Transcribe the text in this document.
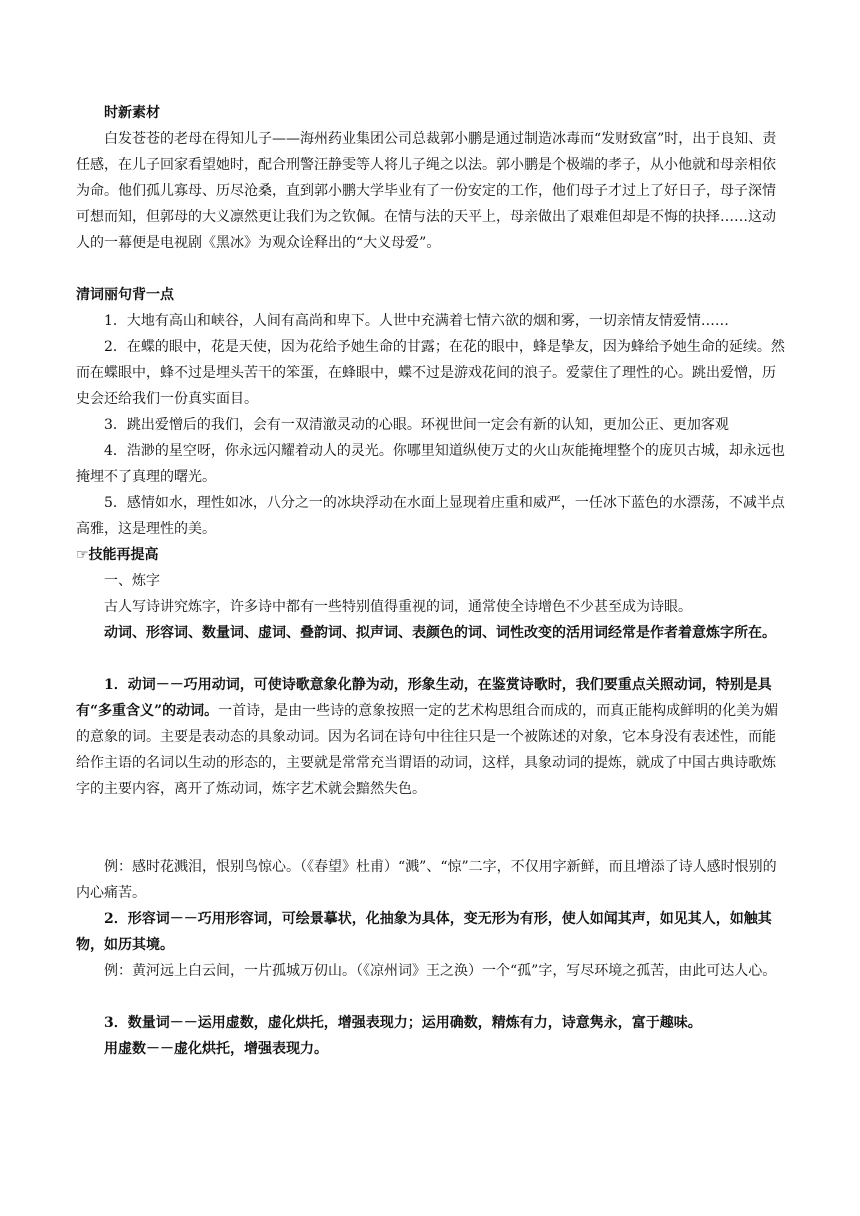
时新素材

白发苍苍的老母在得知儿子——海州药业集团公司总裁郭小鹏是通过制造冰毒而“发财致富”时，出于良知、责任感，在儿子回家看望她时，配合刑警汪静雯等人将儿子绳之以法。郭小鹏是个极端的孝子，从小他就和母亲相依为命。他们孤儿寡母、历尽沧桑，直到郭小鹏大学毕业有了一份安定的工作，他们母子才过上了好日子，母子深情可想而知，但郭母的大义凛然更让我们为之钦佩。在情与法的天平上，母亲做出了艰难但却是不悔的抉择……这动人的一幕便是电视剧《黑冰》为观众诠释出的“大义母爱”。

清词丽句背一点

1．大地有高山和峡谷，人间有高尚和卑下。人世中充满着七情六欲的烟和雾，一切亲情友情爱情……

2．在蝶的眼中，花是天使，因为花给予她生命的甘露；在花的眼中，蜂是挚友，因为蜂给予她生命的延续。然而在蝶眼中，蜂不过是埋头苦干的笨蛋，在蜂眼中，蝶不过是游戏花间的浪子。爱蒙住了理性的心。跳出爱憎，历史会还给我们一份真实面目。

3．跳出爱憎后的我们，会有一双清澈灵动的心眼。环视世间一定会有新的认知，更加公正、更加客观

4．浩渺的星空呀，你永远闪耀着动人的灵光。你哪里知道纵使万丈的火山灰能掩埋整个的庞贝古城，却永远也掩埋不了真理的曙光。

5．感情如水，理性如冰，八分之一的冰块浮动在水面上显现着庄重和威严，一任冰下蓝色的水漂荡，不减半点高雅，这是理性的美。

☞技能再提高
一、炼字

古人写诗讲究炼字，许多诗中都有一些特别值得重视的词，通常使全诗增色不少甚至成为诗眼。

动词、形容词、数量词、虚词、叠韵词、拟声词、表颜色的词、词性改变的活用词经常是作者着意炼字所在。

1．动词－－巧用动词，可使诗歌意象化静为动，形象生动，在鉴赏诗歌时，我们要重点关照动词，特别是具有“多重含义”的动词。一首诗，是由一些诗的意象按照一定的艺术构思组合而成的，而真正能构成鲜明的化美为媚的意象的词。主要是表动态的具象动词。因为名词在诗句中往往只是一个被陈述的对象，它本身没有表述性，而能给作主语的名词以生动的形态的，主要就是常常充当谓语的动词，这样，具象动词的提炼，就成了中国古典诗歌炼字的主要内容，离开了炼动词，炼字艺术就会黯然失色。

例：感时花溅泪，恨别鸟惊心。（《春望》杜甫）“溅”、“惊”二字，不仅用字新鲜，而且增添了诗人感时恨别的内心痛苦。

2．形容词－－巧用形容词，可绘景摹状，化抽象为具体，变无形为有形，使人如闻其声，如见其人，如触其物，如历其境。

例：黄河远上白云间，一片孤城万仞山。（《凉州词》王之涣）一个“孤”字，写尽环境之孤苦，由此可达人心。

3．数量词－－运用虚数，虚化烘托，增强表现力；运用确数，精炼有力，诗意隽永，富于趣味。

用虚数－－虚化烘托，增强表现力。
